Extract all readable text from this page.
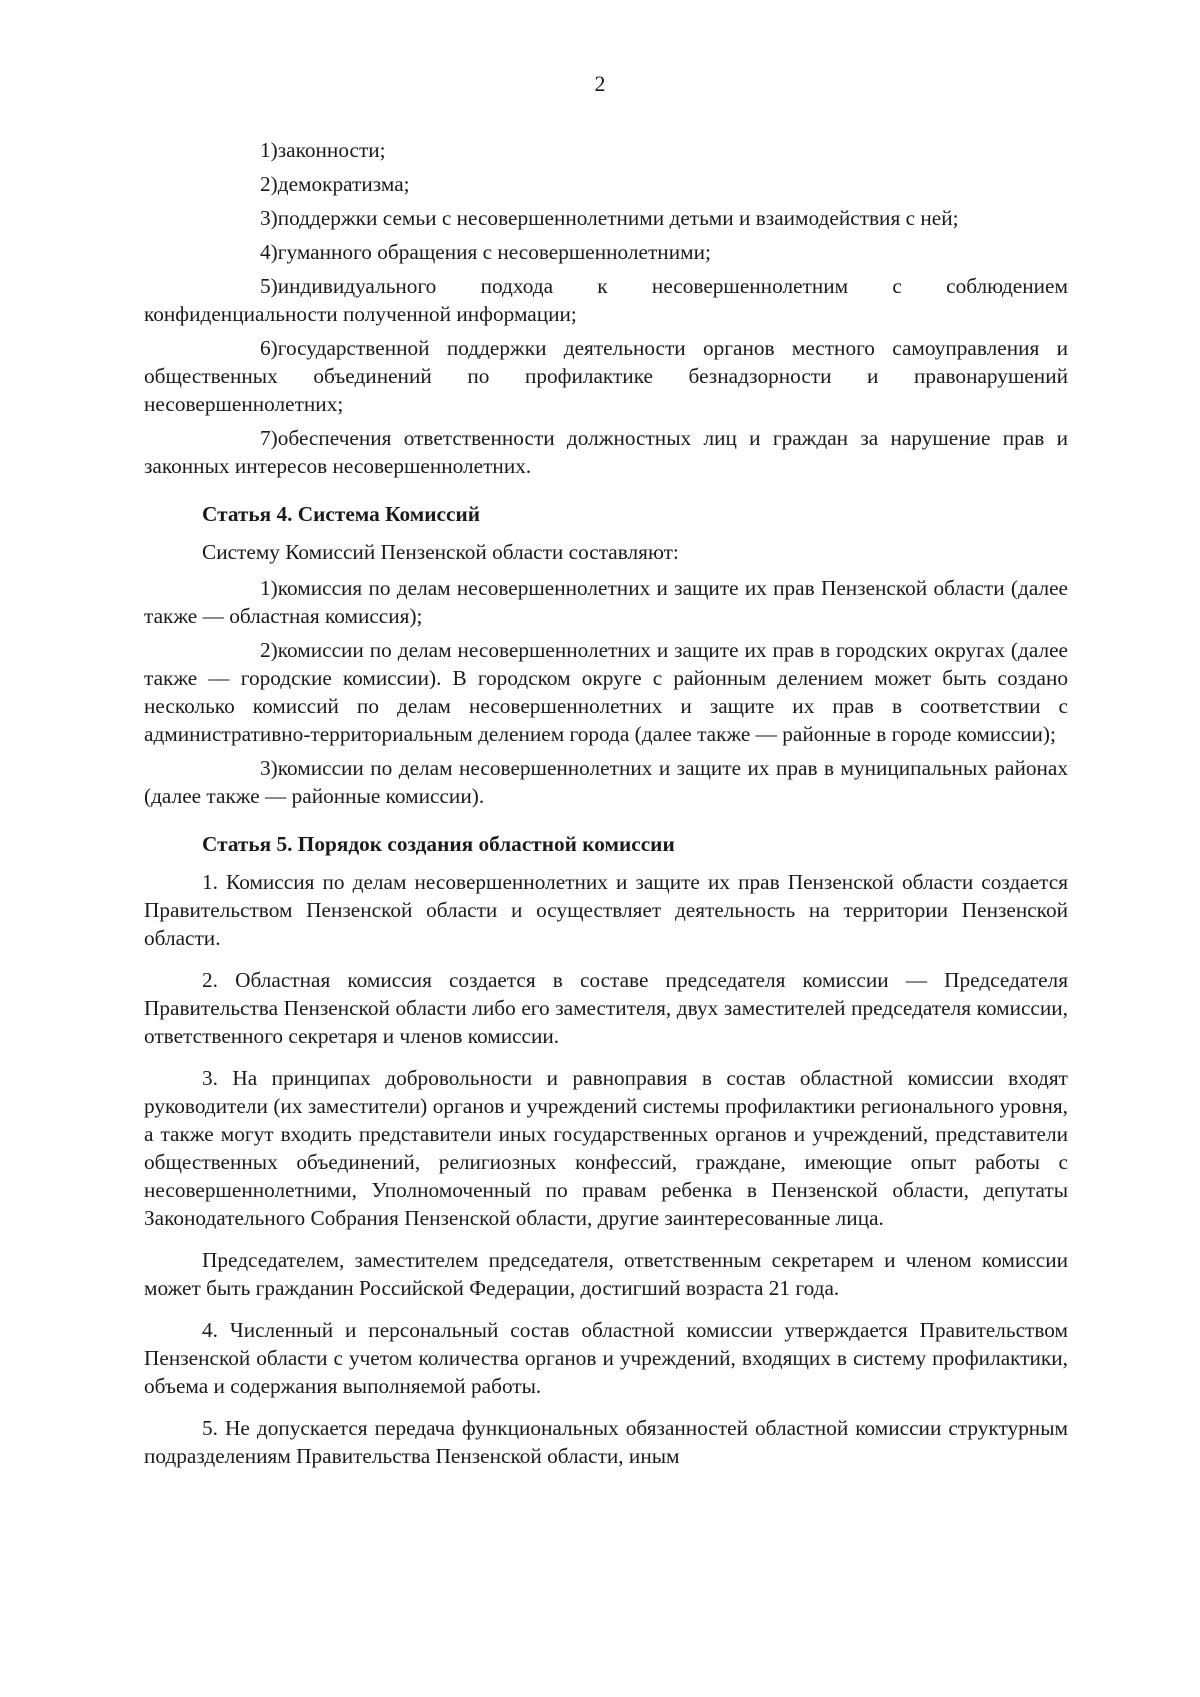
2
1)законности;
2)демократизма;
3)поддержки семьи с несовершеннолетними детьми и взаимодействия с ней;
4)гуманного обращения с несовершеннолетними;
5)индивидуального подхода к несовершеннолетним с соблюдением конфиденциальности полученной информации;
6)государственной поддержки деятельности органов местного самоуправления и общественных объединений по профилактике безнадзорности и правонарушений несовершеннолетних;
7)обеспечения ответственности должностных лиц и граждан за нарушение прав и законных интересов несовершеннолетних.
Статья 4. Система Комиссий
Систему Комиссий Пензенской области составляют:
1)комиссия по делам несовершеннолетних и защите их прав Пензенской области (далее также — областная комиссия);
2)комиссии по делам несовершеннолетних и защите их прав в городских округах (далее также — городские комиссии). В городском округе с районным делением может быть создано несколько комиссий по делам несовершеннолетних и защите их прав в соответствии с административно-территориальным делением города (далее также — районные в городе комиссии);
3)комиссии по делам несовершеннолетних и защите их прав в муниципальных районах (далее также — районные комиссии).
Статья 5. Порядок создания областной комиссии
1. Комиссия по делам несовершеннолетних и защите их прав Пензенской области создается Правительством Пензенской области и осуществляет деятельность на территории Пензенской области.
2. Областная комиссия создается в составе председателя комиссии — Председателя Правительства Пензенской области либо его заместителя, двух заместителей председателя комиссии, ответственного секретаря и членов комиссии.
3. На принципах добровольности и равноправия в состав областной комиссии входят руководители (их заместители) органов и учреждений системы профилактики регионального уровня, а также могут входить представители иных государственных органов и учреждений, представители общественных объединений, религиозных конфессий, граждане, имеющие опыт работы с несовершеннолетними, Уполномоченный по правам ребенка в Пензенской области, депутаты Законодательного Собрания Пензенской области, другие заинтересованные лица.
Председателем, заместителем председателя, ответственным секретарем и членом комиссии может быть гражданин Российской Федерации, достигший возраста 21 года.
4. Численный и персональный состав областной комиссии утверждается Правительством Пензенской области с учетом количества органов и учреждений, входящих в систему профилактики, объема и содержания выполняемой работы.
5. Не допускается передача функциональных обязанностей областной комиссии структурным подразделениям Правительства Пензенской области, иным
